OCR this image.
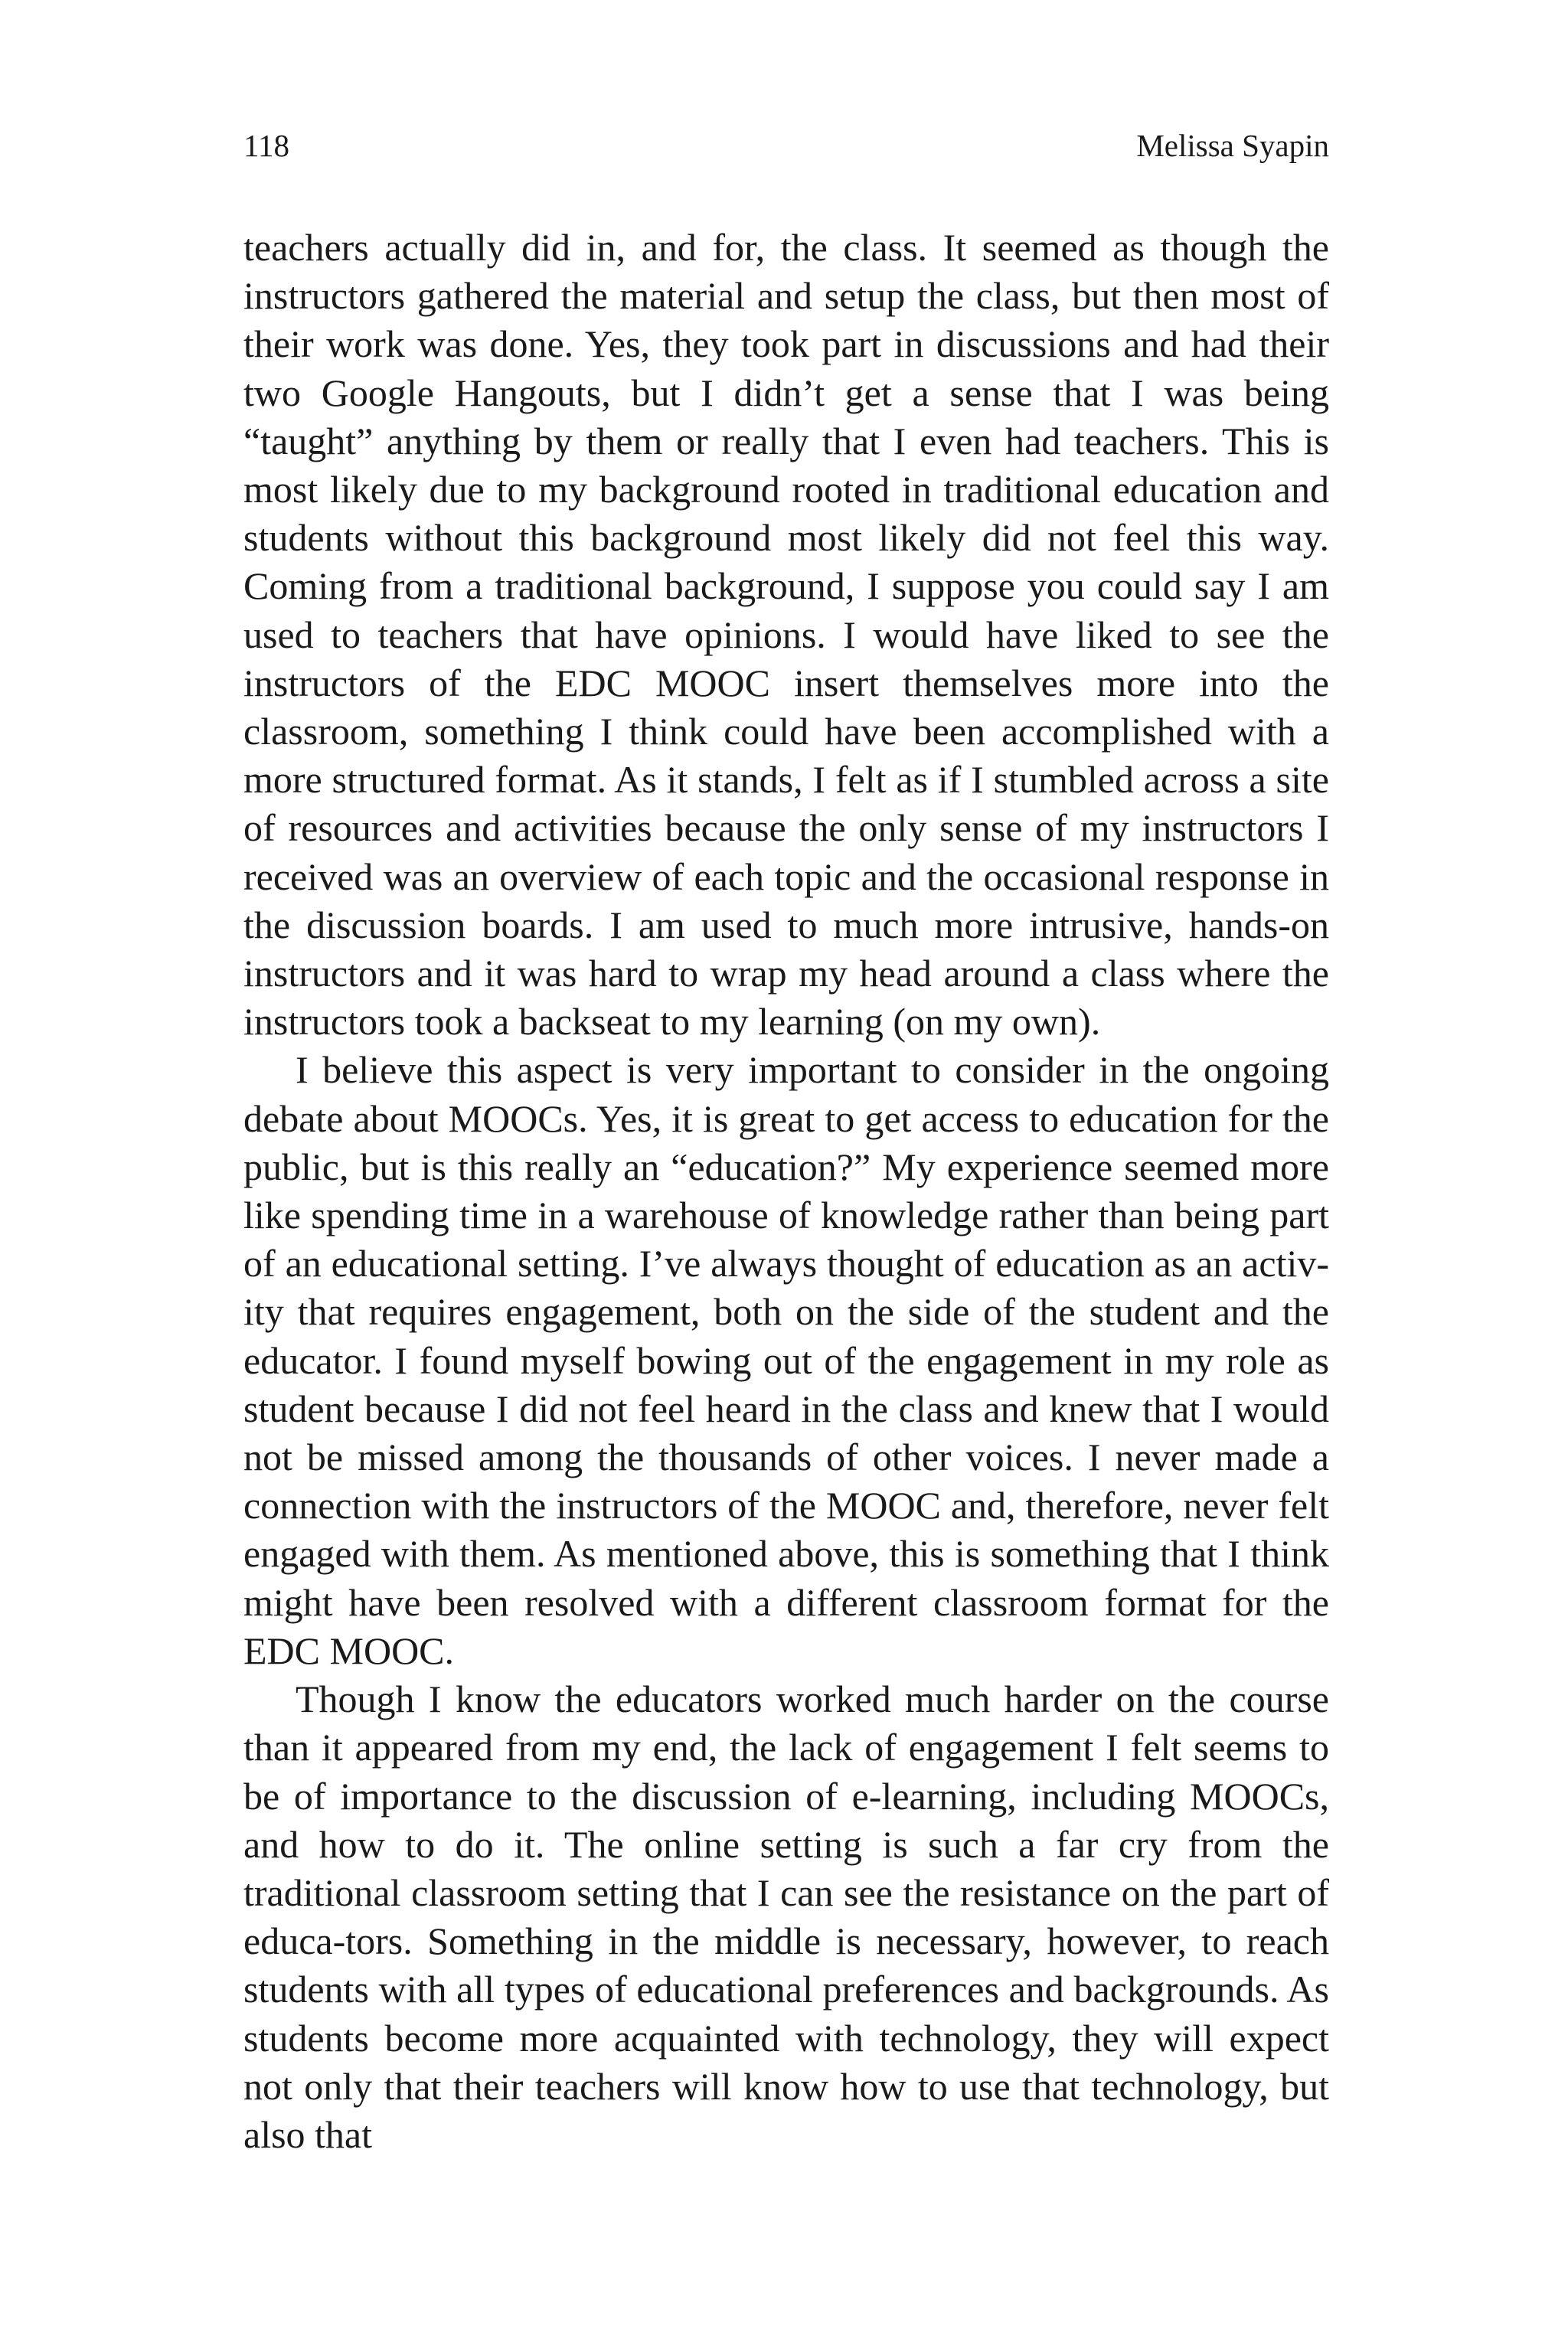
118	Melissa Syapin

teachers actually did in, and for, the class. It seemed as though the instructors gathered the material and setup the class, but then most of their work was done. Yes, they took part in discussions and had their two Google Hangouts, but I didn’t get a sense that I was being “taught” anything by them or really that I even had teachers. This is most likely due to my background rooted in traditional education and students without this background most likely did not feel this way. Coming from a traditional background, I suppose you could say I am used to teachers that have opinions. I would have liked to see the instructors of the EDC MOOC insert themselves more into the classroom, something I think could have been accomplished with a more structured format. As it stands, I felt as if I stumbled across a site of resources and activities because the only sense of my instructors I received was an overview of each topic and the occasional response in the discussion boards. I am used to much more intrusive, hands-on instructors and it was hard to wrap my head around a class where the instructors took a backseat to my learning (on my own).

I believe this aspect is very important to consider in the ongoing debate about MOOCs. Yes, it is great to get access to education for the public, but is this really an “education?” My experience seemed more like spending time in a warehouse of knowledge rather than being part of an educational setting. I’ve always thought of education as an activ-ity that requires engagement, both on the side of the student and the educator. I found myself bowing out of the engagement in my role as student because I did not feel heard in the class and knew that I would not be missed among the thousands of other voices. I never made a connection with the instructors of the MOOC and, therefore, never felt engaged with them. As mentioned above, this is something that I think might have been resolved with a different classroom format for the EDC MOOC.

Though I know the educators worked much harder on the course than it appeared from my end, the lack of engagement I felt seems to be of importance to the discussion of e-learning, including MOOCs, and how to do it. The online setting is such a far cry from the traditional classroom setting that I can see the resistance on the part of educa-tors. Something in the middle is necessary, however, to reach students with all types of educational preferences and backgrounds. As students become more acquainted with technology, they will expect not only that their teachers will know how to use that technology, but also that
